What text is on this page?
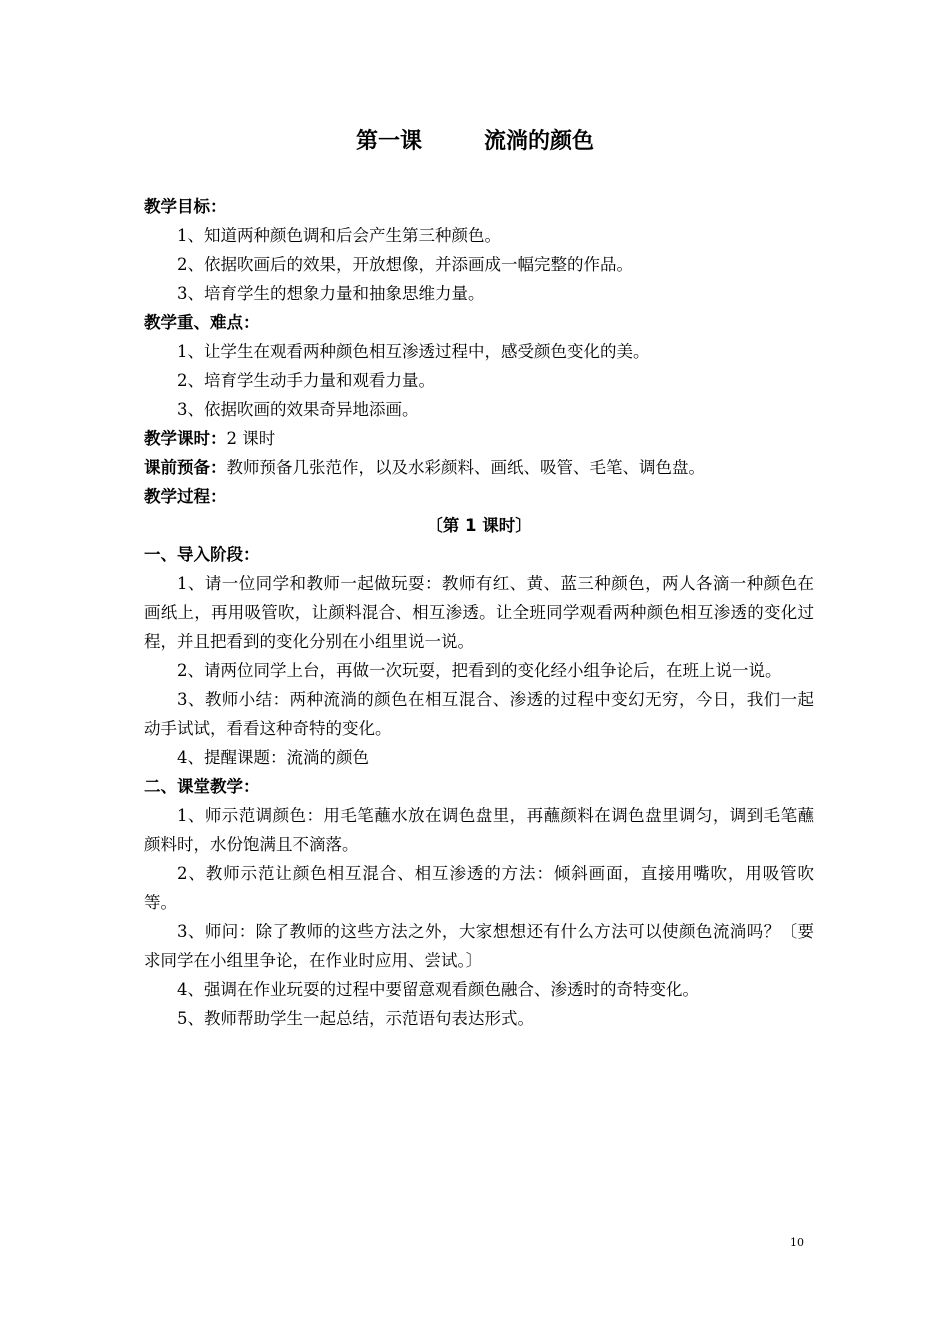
第一课	流淌的颜色

教学目标：

1、知道两种颜色调和后会产生第三种颜色。

2、依据吹画后的效果，开放想像，并添画成一幅完整的作品。

3、培育学生的想象力量和抽象思维力量。

教学重、难点：

1、让学生在观看两种颜色相互渗透过程中，感受颜色变化的美。

2、培育学生动手力量和观看力量。

3、依据吹画的效果奇异地添画。

教学课时：2 课时

课前预备：教师预备几张范作，以及水彩颜料、画纸、吸管、毛笔、调色盘。

教学过程：

〔第 1 课时〕

一、导入阶段：

1、请一位同学和教师一起做玩耍：教师有红、黄、蓝三种颜色，两人各滴一种颜色在画纸上，再用吸管吹，让颜料混合、相互渗透。让全班同学观看两种颜色相互渗透的变化过程，并且把看到的变化分别在小组里说一说。

2、请两位同学上台，再做一次玩耍，把看到的变化经小组争论后，在班上说一说。

3、教师小结：两种流淌的颜色在相互混合、渗透的过程中变幻无穷，今日，我们一起动手试试，看看这种奇特的变化。

4、提醒课题：流淌的颜色

二、课堂教学：

1、师示范调颜色：用毛笔蘸水放在调色盘里，再蘸颜料在调色盘里调匀，调到毛笔蘸颜料时，水份饱满且不滴落。

2、教师示范让颜色相互混合、相互渗透的方法：倾斜画面，直接用嘴吹，用吸管吹等。

3、师问：除了教师的这些方法之外，大家想想还有什么方法可以使颜色流淌吗？〔要求同学在小组里争论，在作业时应用、尝试。〕

4、强调在作业玩耍的过程中要留意观看颜色融合、渗透时的奇特变化。

5、教师帮助学生一起总结，示范语句表达形式。

10
